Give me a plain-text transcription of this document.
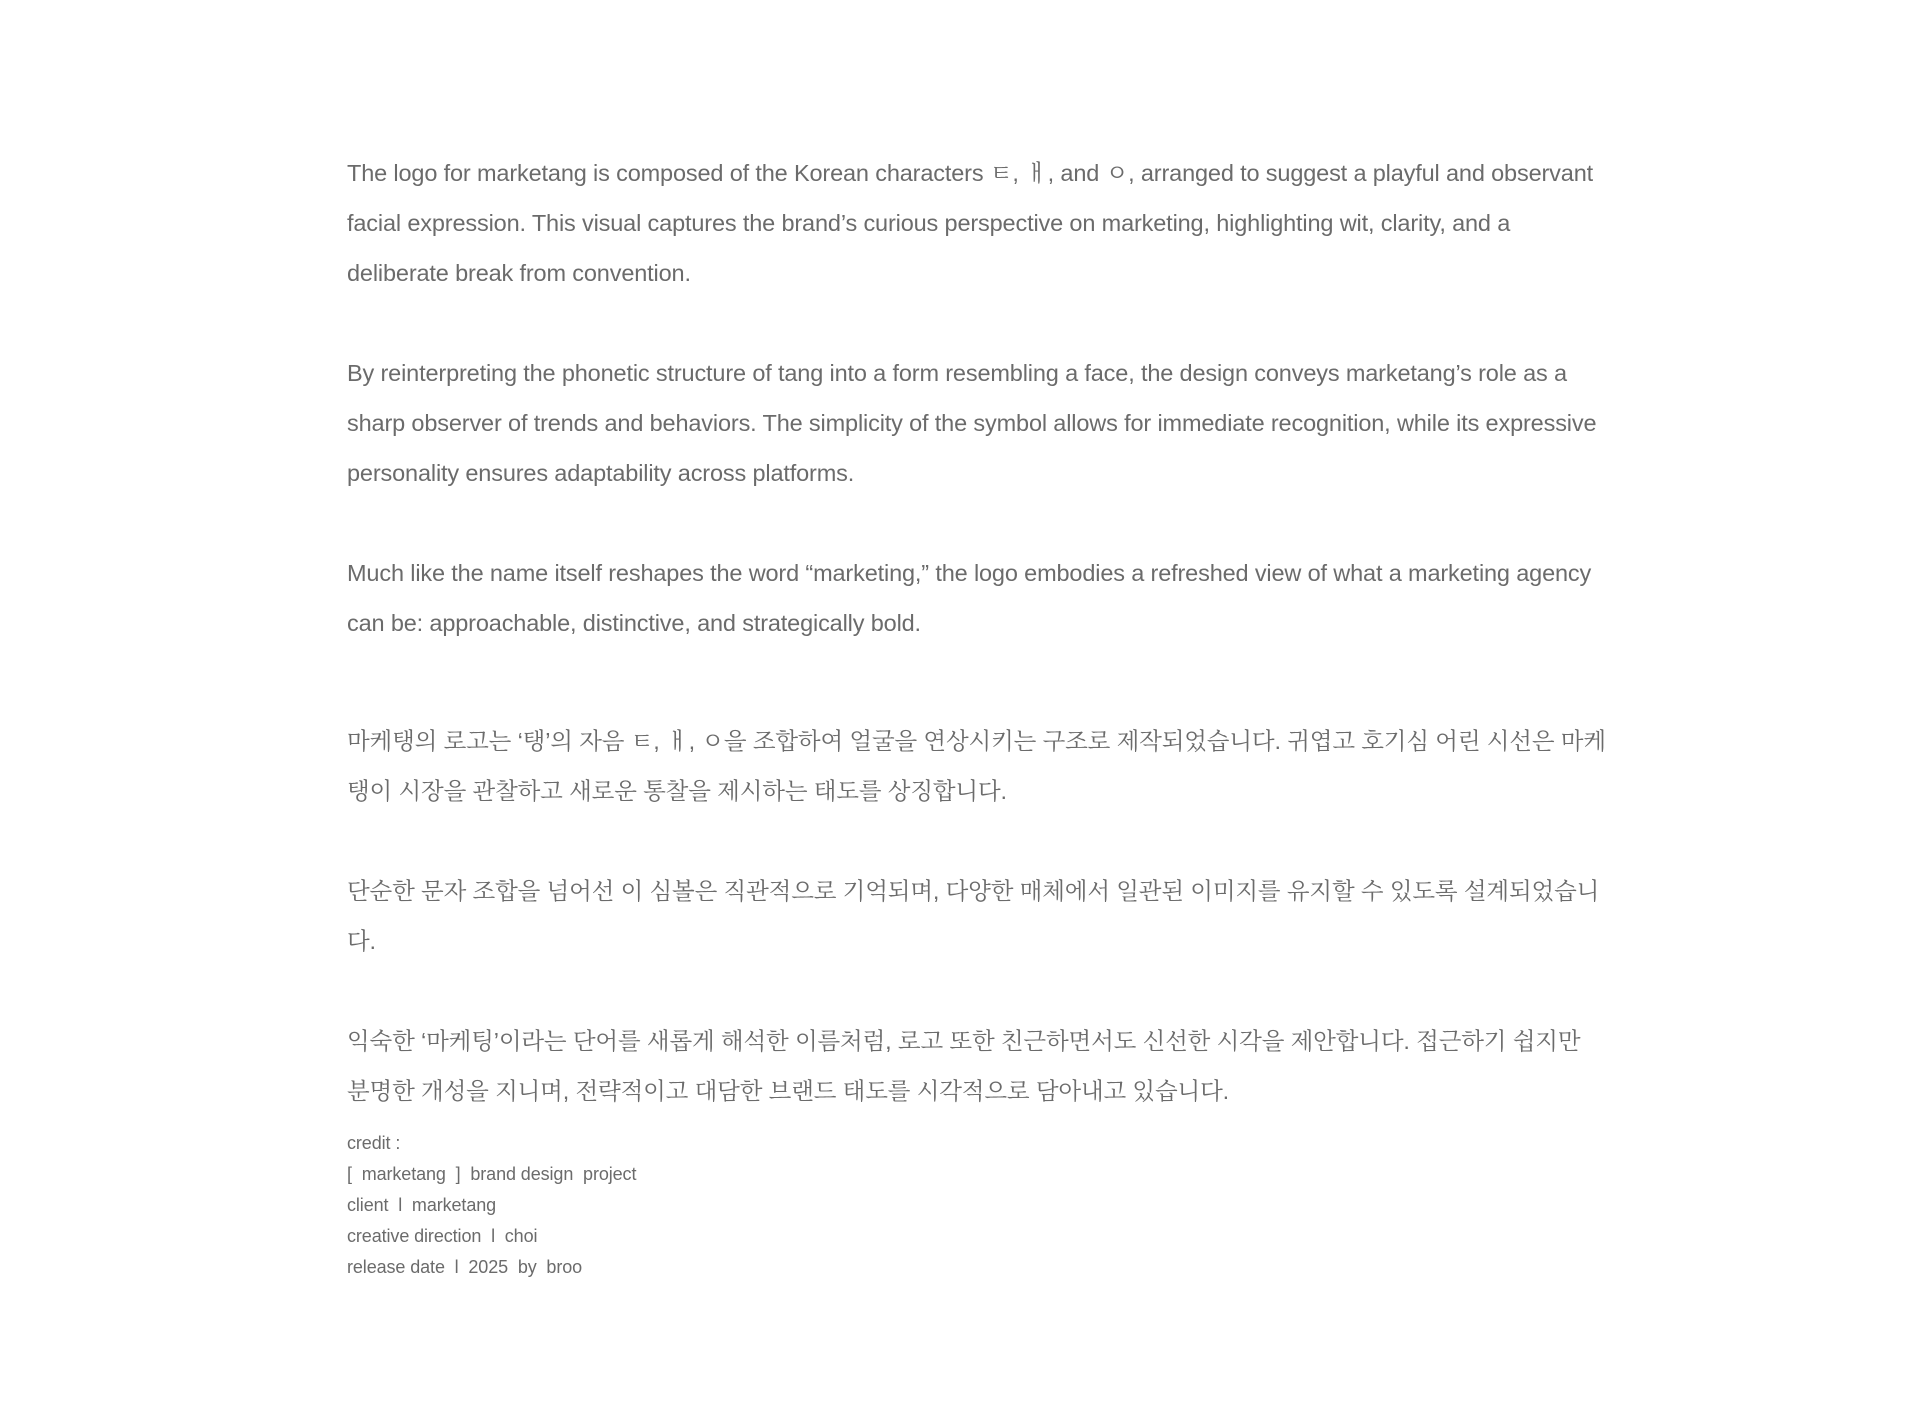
The logo for marketang is composed of the Korean characters ㅌ, ㅐ, and ㅇ, arranged to suggest a playful and observant facial expression. This visual captures the brand’s curious perspective on marketing, highlighting wit, clarity, and a deliberate break from convention.

By reinterpreting the phonetic structure of tang into a form resembling a face, the design conveys marketang’s role as a sharp observer of trends and behaviors. The simplicity of the symbol allows for immediate recognition, while its expressive personality ensures adaptability across platforms.

Much like the name itself reshapes the word “marketing,” the logo embodies a refreshed view of what a marketing agency can be: approachable, distinctive, and strategically bold.

마케탱의 로고는 ‘탱’의 자음 ㅌ, ㅐ, ㅇ을 조합하여 얼굴을 연상시키는 구조로 제작되었습니다. 귀엽고 호기심 어린 시선은 마케탱이 시장을 관찰하고 새로운 통찰을 제시하는 태도를 상징합니다.

단순한 문자 조합을 넘어선 이 심볼은 직관적으로 기억되며, 다양한 매체에서 일관된 이미지를 유지할 수 있도록 설계되었습니다.

익숙한 ‘마케팅’이라는 단어를 새롭게 해석한 이름처럼, 로고 또한 친근하면서도 신선한 시각을 제안합니다. 접근하기 쉽지만 분명한 개성을 지니며, 전략적이고 대담한 브랜드 태도를 시각적으로 담아내고 있습니다.

credit :
[  marketang  ]  brand design  project
client  l  marketang
creative direction  l  choi
release date  l  2025  by  broo
